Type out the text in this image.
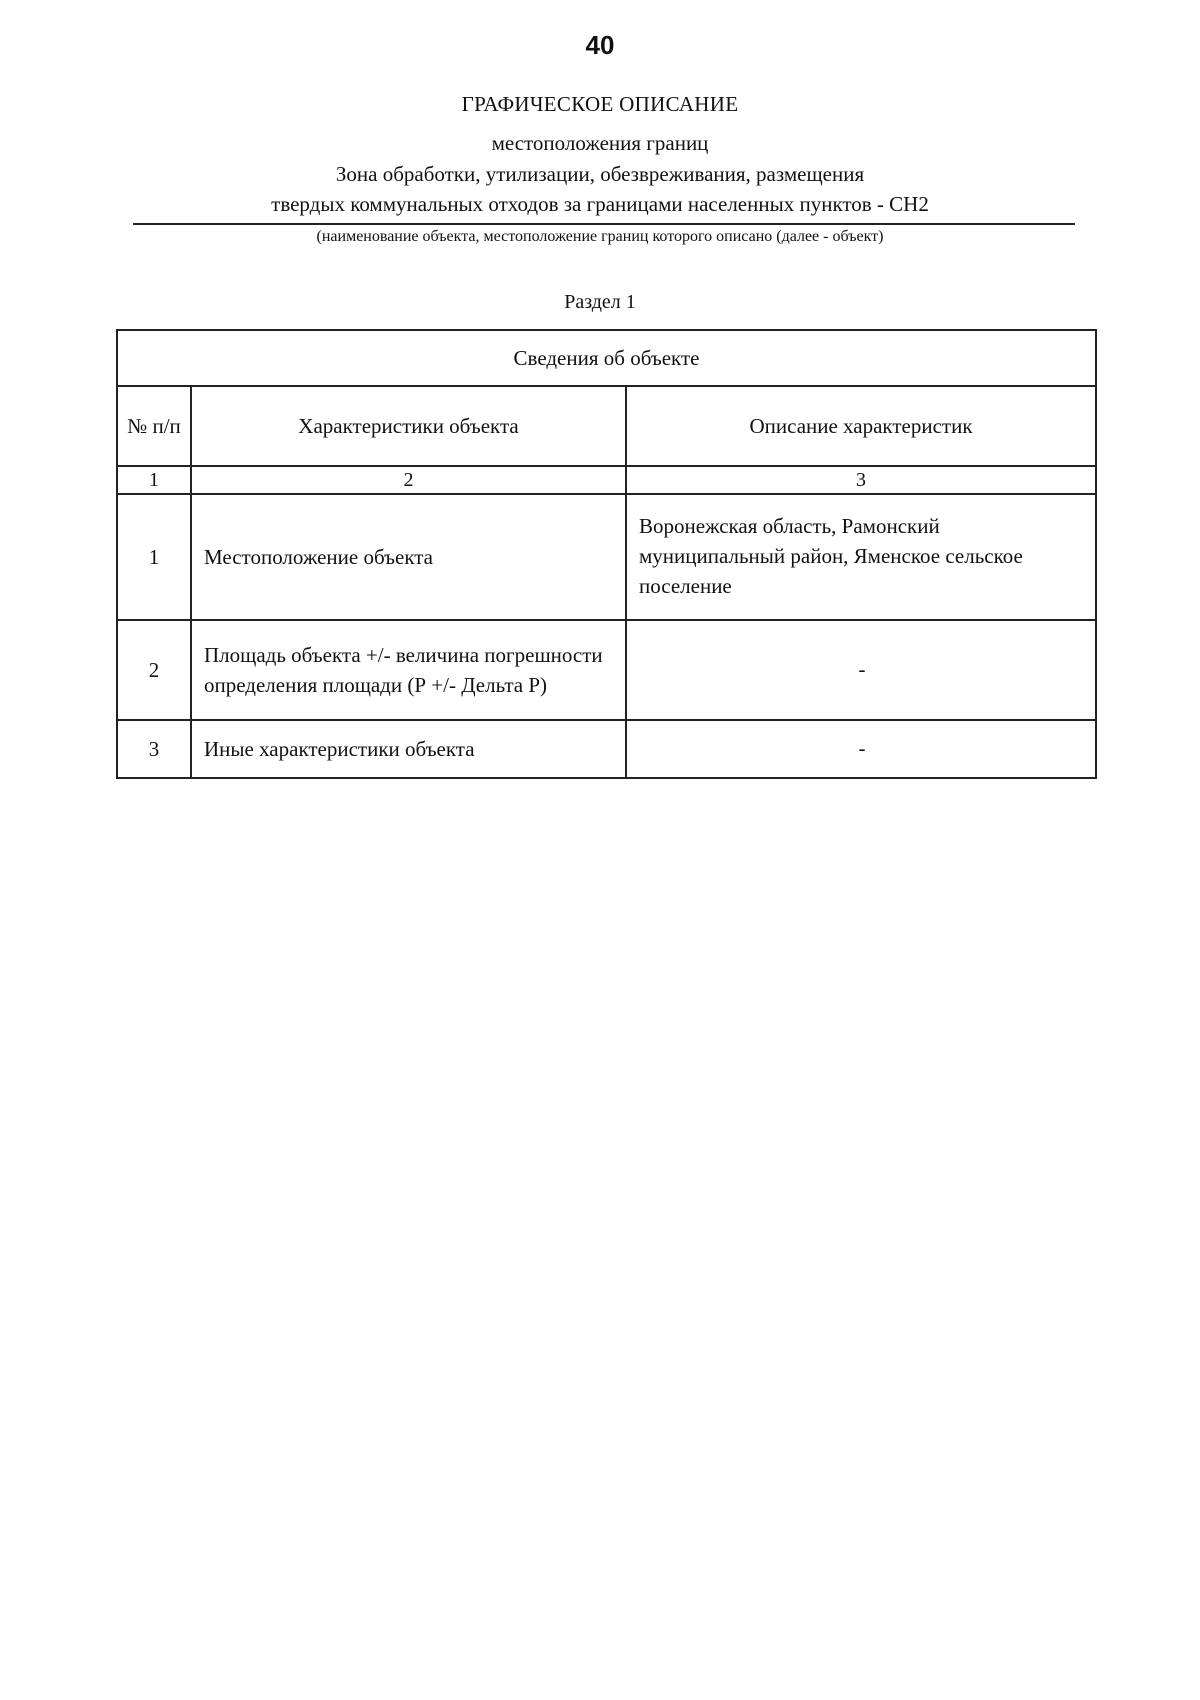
40
ГРАФИЧЕСКОЕ ОПИСАНИЕ
местоположения границ
Зона обработки, утилизации, обезвреживания, размещения
твердых коммунальных отходов за границами населенных пунктов - СН2
(наименование объекта, местоположение границ которого описано (далее - объект)
Раздел 1
Сведения об объекте		
№ п/п	Характеристики объекта	Описание характеристик
1	2	3
1	Местоположение объекта	Воронежская область, Рамонский муниципальный район, Яменское сельское поселение
2	Площадь объекта +/- величина погрешности определения площади (Р +/- Дельта Р)	-
3	Иные характеристики объекта	-
